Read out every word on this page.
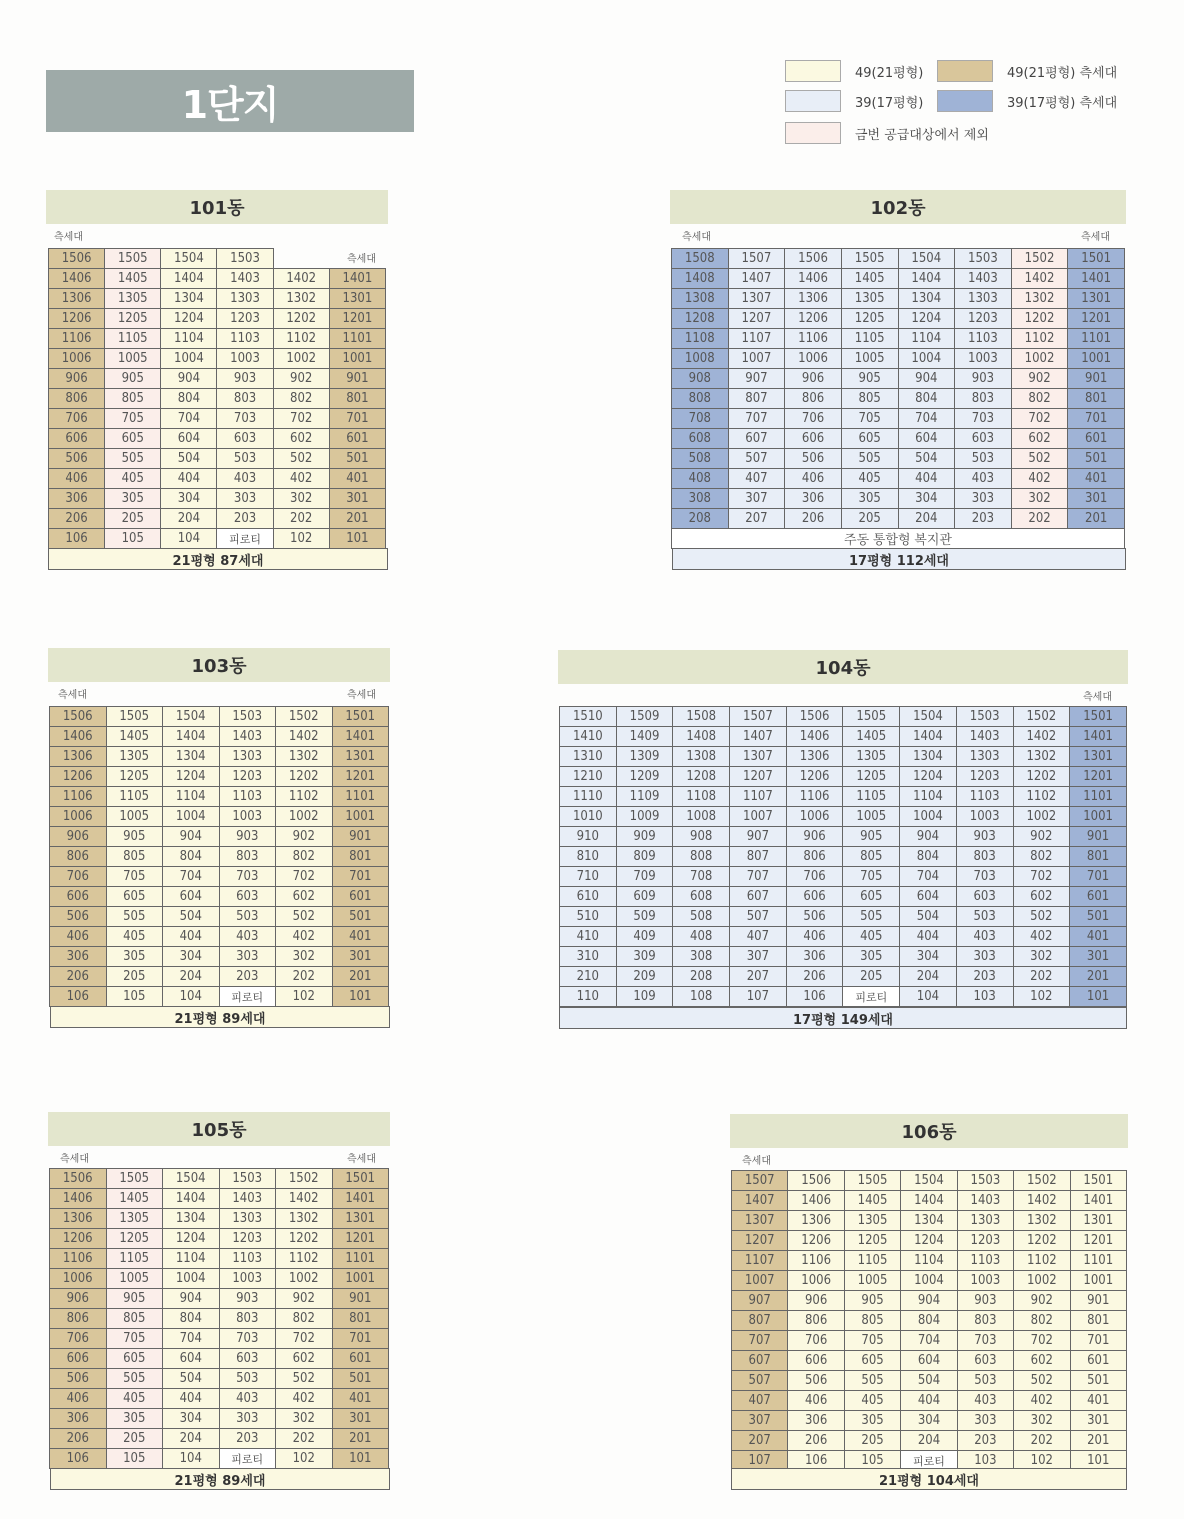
1단지
49(21평형)	49(21평형) 측세대
39(17평형)	39(17평형) 측세대
금번 공급대상에서 제외
101동
측세대
측세대
1506	1505	1504	1503		
1406	1405	1404	1403	1402	1401
1306	1305	1304	1303	1302	1301
1206	1205	1204	1203	1202	1201
1106	1105	1104	1103	1102	1101
1006	1005	1004	1003	1002	1001
906	905	904	903	902	901
806	805	804	803	802	801
706	705	704	703	702	701
606	605	604	603	602	601
506	505	504	503	502	501
406	405	404	403	402	401
306	305	304	303	302	301
206	205	204	203	202	201
106	105	104	피로티	102	101
21평형 87세대
102동
측세대	측세대
1508	1507	1506	1505	1504	1503	1502	1501
1408	1407	1406	1405	1404	1403	1402	1401
1308	1307	1306	1305	1304	1303	1302	1301
1208	1207	1206	1205	1204	1203	1202	1201
1108	1107	1106	1105	1104	1103	1102	1101
1008	1007	1006	1005	1004	1003	1002	1001
908	907	906	905	904	903	902	901
808	807	806	805	804	803	802	801
708	707	706	705	704	703	702	701
608	607	606	605	604	603	602	601
508	507	506	505	504	503	502	501
408	407	406	405	404	403	402	401
308	307	306	305	304	303	302	301
208	207	206	205	204	203	202	201
주동 통합형 복지관							
17평형 112세대
103동
측세대	측세대
1506	1505	1504	1503	1502	1501
1406	1405	1404	1403	1402	1401
1306	1305	1304	1303	1302	1301
1206	1205	1204	1203	1202	1201
1106	1105	1104	1103	1102	1101
1006	1005	1004	1003	1002	1001
906	905	904	903	902	901
806	805	804	803	802	801
706	705	704	703	702	701
606	605	604	603	602	601
506	505	504	503	502	501
406	405	404	403	402	401
306	305	304	303	302	301
206	205	204	203	202	201
106	105	104	피로티	102	101
21평형 89세대
104동
측세대
1510	1509	1508	1507	1506	1505	1504	1503	1502	1501
1410	1409	1408	1407	1406	1405	1404	1403	1402	1401
1310	1309	1308	1307	1306	1305	1304	1303	1302	1301
1210	1209	1208	1207	1206	1205	1204	1203	1202	1201
1110	1109	1108	1107	1106	1105	1104	1103	1102	1101
1010	1009	1008	1007	1006	1005	1004	1003	1002	1001
910	909	908	907	906	905	904	903	902	901
810	809	808	807	806	805	804	803	802	801
710	709	708	707	706	705	704	703	702	701
610	609	608	607	606	605	604	603	602	601
510	509	508	507	506	505	504	503	502	501
410	409	408	407	406	405	404	403	402	401
310	309	308	307	306	305	304	303	302	301
210	209	208	207	206	205	204	203	202	201
110	109	108	107	106	피로티	104	103	102	101
17평형 149세대
105동
측세대	측세대
1506	1505	1504	1503	1502	1501
1406	1405	1404	1403	1402	1401
1306	1305	1304	1303	1302	1301
1206	1205	1204	1203	1202	1201
1106	1105	1104	1103	1102	1101
1006	1005	1004	1003	1002	1001
906	905	904	903	902	901
806	805	804	803	802	801
706	705	704	703	702	701
606	605	604	603	602	601
506	505	504	503	502	501
406	405	404	403	402	401
306	305	304	303	302	301
206	205	204	203	202	201
106	105	104	피로티	102	101
21평형 89세대
106동
측세대
1507	1506	1505	1504	1503	1502	1501
1407	1406	1405	1404	1403	1402	1401
1307	1306	1305	1304	1303	1302	1301
1207	1206	1205	1204	1203	1202	1201
1107	1106	1105	1104	1103	1102	1101
1007	1006	1005	1004	1003	1002	1001
907	906	905	904	903	902	901
807	806	805	804	803	802	801
707	706	705	704	703	702	701
607	606	605	604	603	602	601
507	506	505	504	503	502	501
407	406	405	404	403	402	401
307	306	305	304	303	302	301
207	206	205	204	203	202	201
107	106	105	피로티	103	102	101
21평형 104세대
